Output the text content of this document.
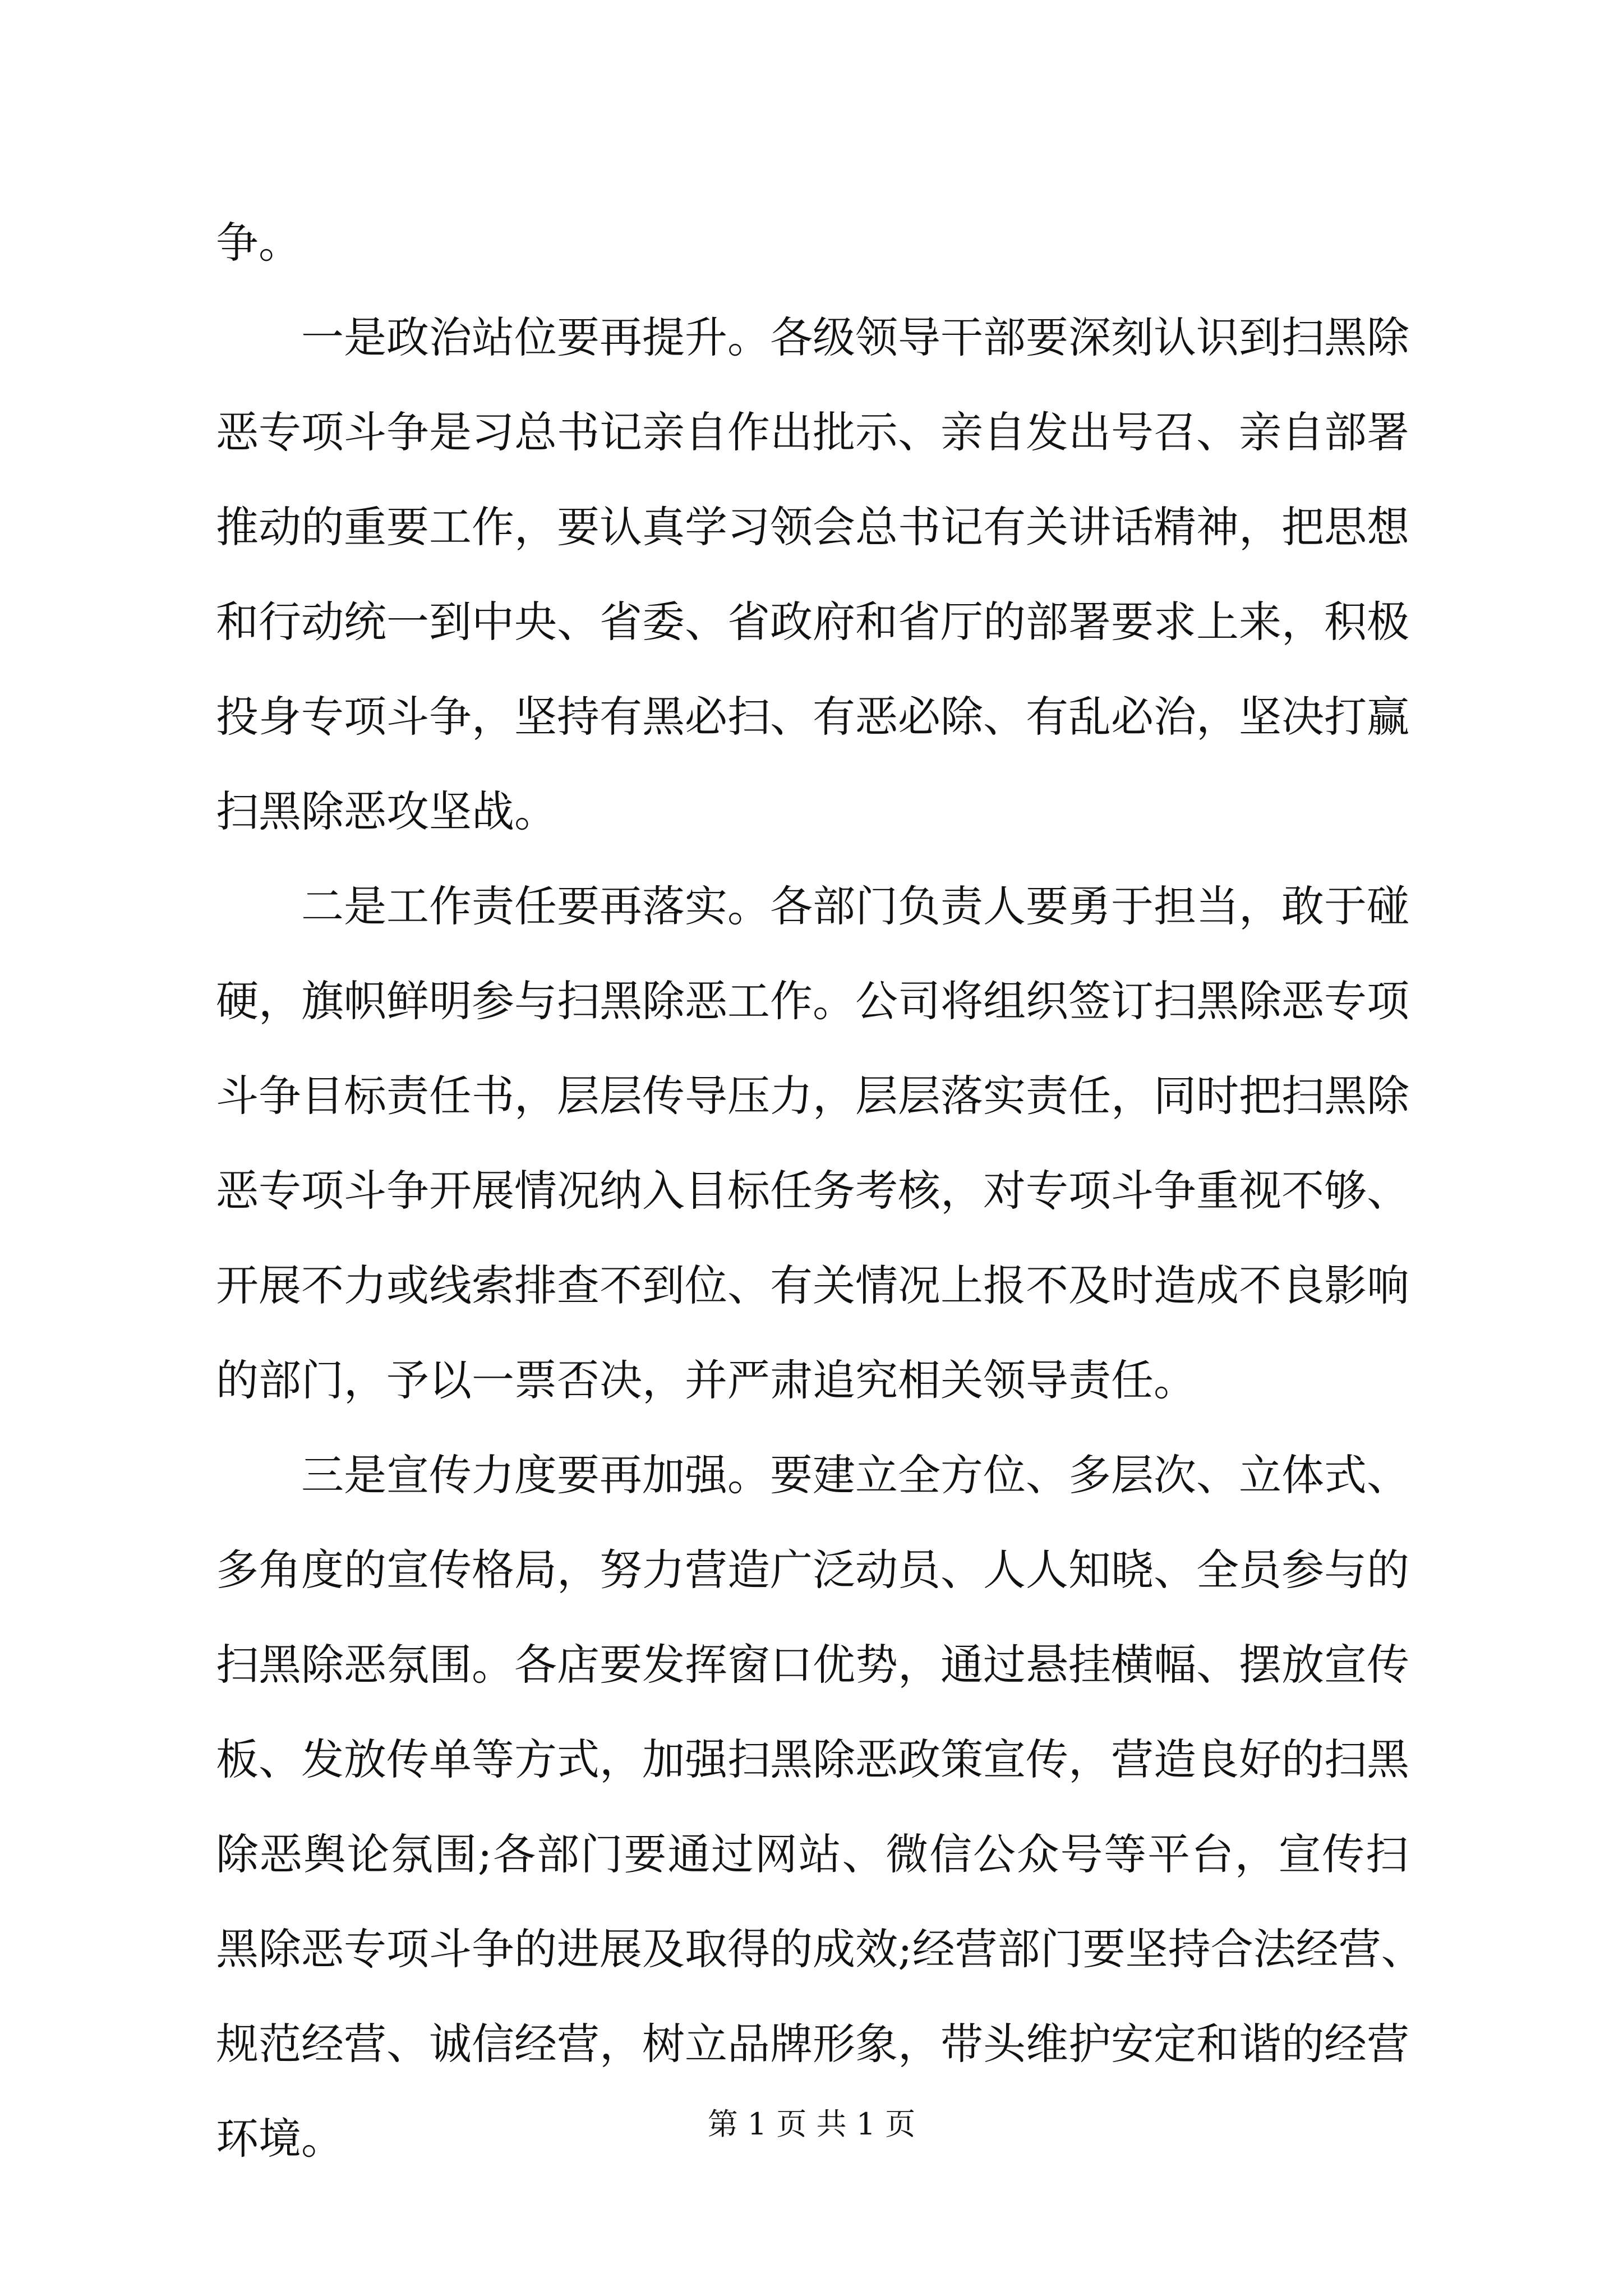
争。
一是政治站位要再提升。各级领导干部要深刻认识到扫黑除
恶专项斗争是习总书记亲自作出批示、亲自发出号召、亲自部署
推动的重要工作，要认真学习领会总书记有关讲话精神，把思想
和行动统一到中央、省委、省政府和省厅的部署要求上来，积极
投身专项斗争，坚持有黑必扫、有恶必除、有乱必治，坚决打赢
扫黑除恶攻坚战。
二是工作责任要再落实。各部门负责人要勇于担当，敢于碰
硬，旗帜鲜明参与扫黑除恶工作。公司将组织签订扫黑除恶专项
斗争目标责任书，层层传导压力，层层落实责任，同时把扫黑除
恶专项斗争开展情况纳入目标任务考核，对专项斗争重视不够、
开展不力或线索排查不到位、有关情况上报不及时造成不良影响
的部门，予以一票否决，并严肃追究相关领导责任。
三是宣传力度要再加强。要建立全方位、多层次、立体式、
多角度的宣传格局，努力营造广泛动员、人人知晓、全员参与的
扫黑除恶氛围。各店要发挥窗口优势，通过悬挂横幅、摆放宣传
板、发放传单等方式，加强扫黑除恶政策宣传，营造良好的扫黑
除恶舆论氛围;各部门要通过网站、微信公众号等平台，宣传扫
黑除恶专项斗争的进展及取得的成效;经营部门要坚持合法经营、
规范经营、诚信经营，树立品牌形象，带头维护安定和谐的经营
环境。	第 1 页 共 1 页
